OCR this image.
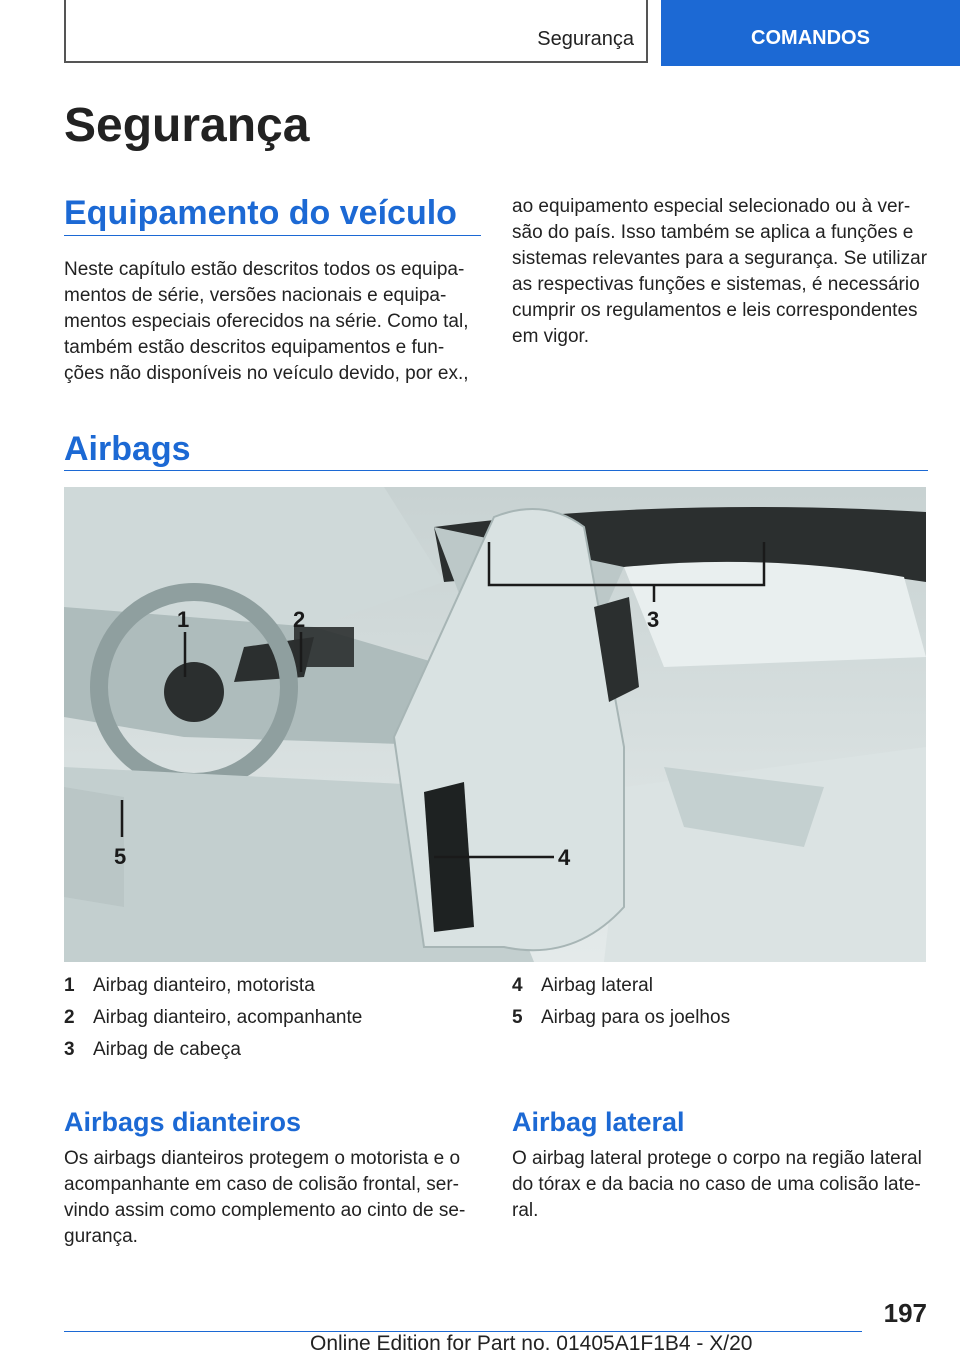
Segurança	COMANDOS
Segurança
Equipamento do veículo
Neste capítulo estão descritos todos os equipa‐
mentos de série, versões nacionais e equipa‐
mentos especiais oferecidos na série. Como tal,
também estão descritos equipamentos e fun‐
ções não disponíveis no veículo devido, por ex.,
ao equipamento especial selecionado ou à ver‐
são do país. Isso também se aplica a funções e
sistemas relevantes para a segurança. Se utilizar
as respectivas funções e sistemas, é necessário
cumprir os regulamentos e leis correspondentes
em vigor.
Airbags
1	2	3
4
5
1 Airbag dianteiro, motorista
2 Airbag dianteiro, acompanhante
3 Airbag de cabeça
4 Airbag lateral
5 Airbag para os joelhos
Airbags dianteiros
Os airbags dianteiros protegem o motorista e o
acompanhante em caso de colisão frontal, ser‐
vindo assim como complemento ao cinto de se‐
gurança.
Airbag lateral
O airbag lateral protege o corpo na região lateral
do tórax e da bacia no caso de uma colisão late‐
ral.
197
Online Edition for Part no. 01405A1F1B4 - X/20
